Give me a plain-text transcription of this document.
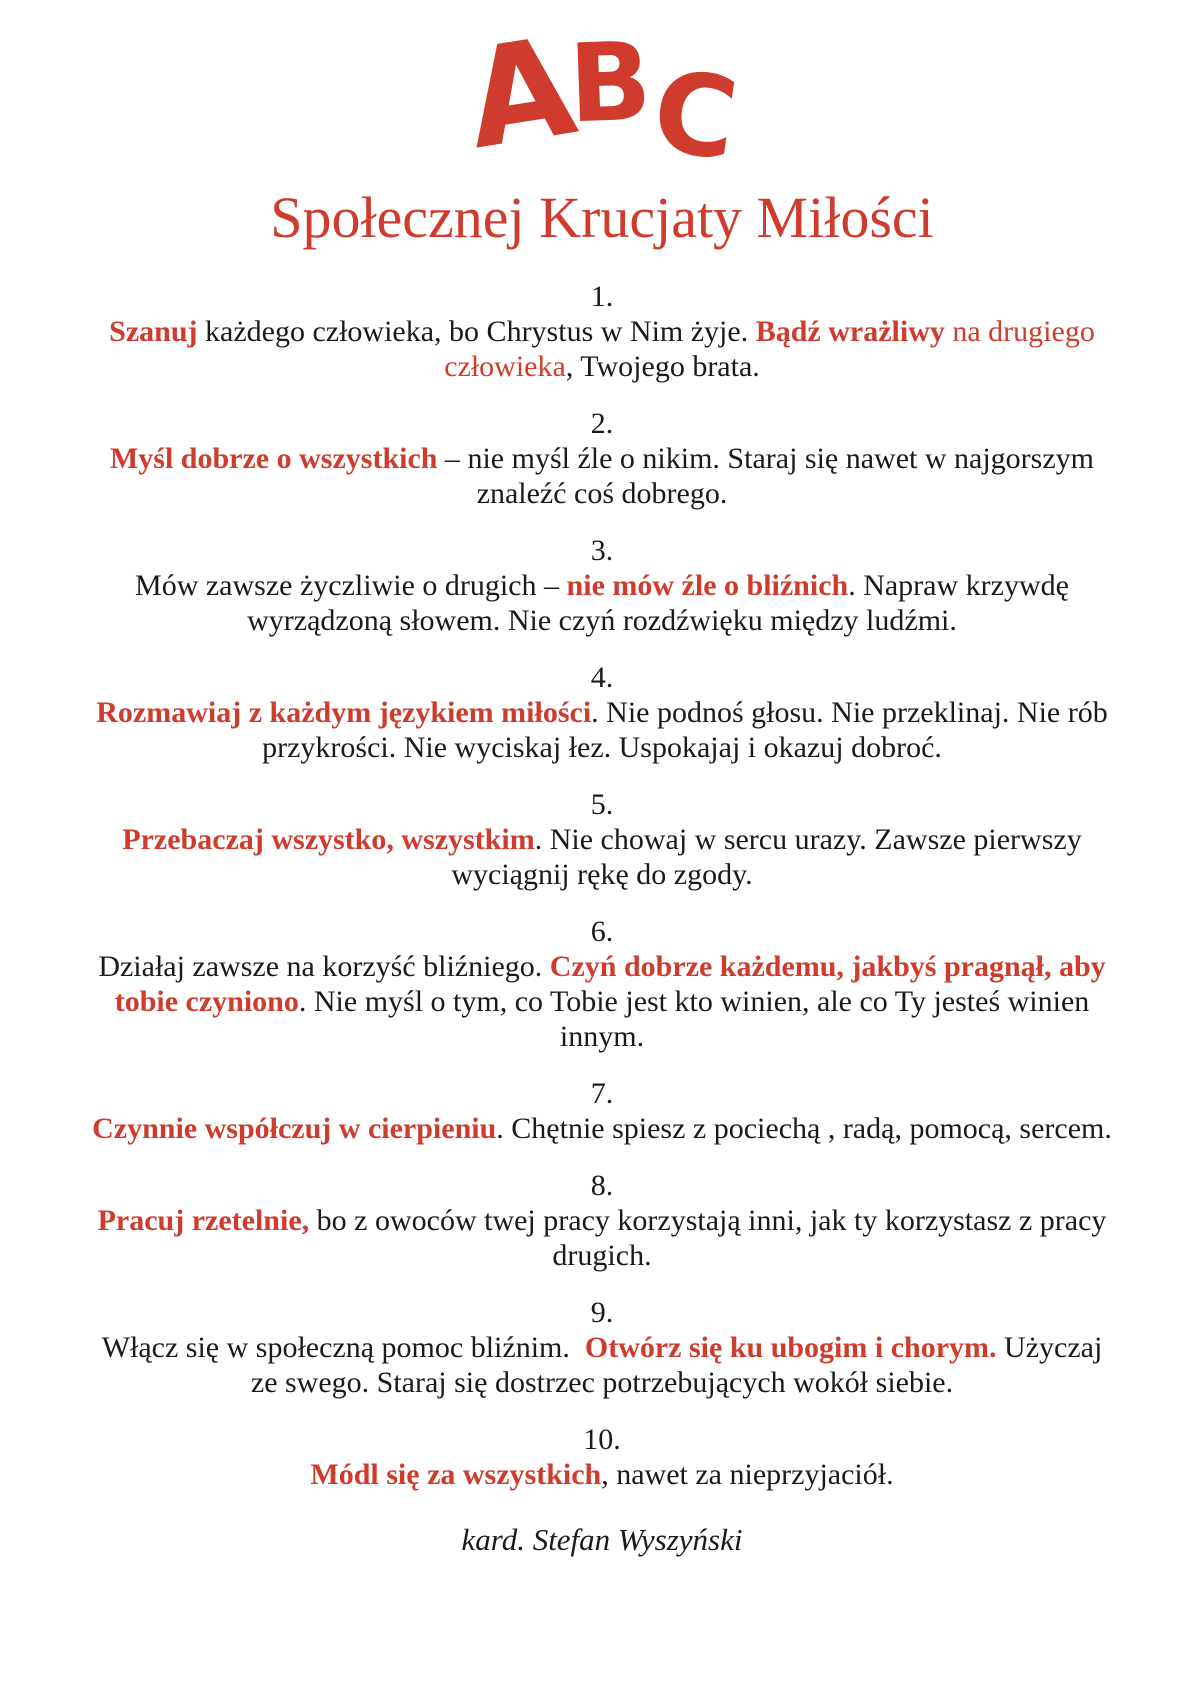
ABC
Społecznej Krucjaty Miłości
1.

Szanuj każdego człowieka, bo Chrystus w Nim żyje. Bądź wrażliwy na drugiego człowieka, Twojego brata.

2.

Myśl dobrze o wszystkich – nie myśl źle o nikim. Staraj się nawet w najgorszym znaleźć coś dobrego.

3.

Mów zawsze życzliwie o drugich – nie mów źle o bliźnich. Napraw krzywdę wyrządzoną słowem. Nie czyń rozdźwięku między ludźmi.

4.

Rozmawiaj z każdym językiem miłości. Nie podnoś głosu. Nie przeklinaj. Nie rób przykrości. Nie wyciskaj łez. Uspokajaj i okazuj dobroć.

5.

Przebaczaj wszystko, wszystkim. Nie chowaj w sercu urazy. Zawsze pierwszy wyciągnij rękę do zgody.

6.

Działaj zawsze na korzyść bliźniego. Czyń dobrze każdemu, jakbyś pragnął, aby tobie czyniono. Nie myśl o tym, co Tobie jest kto winien, ale co Ty jesteś winien innym.

7.

Czynnie współczuj w cierpieniu. Chętnie spiesz z pociechą , radą, pomocą, sercem.

8.

Pracuj rzetelnie, bo z owoców twej pracy korzystają inni, jak ty korzystasz z pracy drugich.

9.

Włącz się w społeczną pomoc bliźnim.  Otwórz się ku ubogim i chorym. Użyczaj ze swego. Staraj się dostrzec potrzebujących wokół siebie.

10.

Módl się za wszystkich, nawet za nieprzyjaciół.

kard. Stefan Wyszyński
